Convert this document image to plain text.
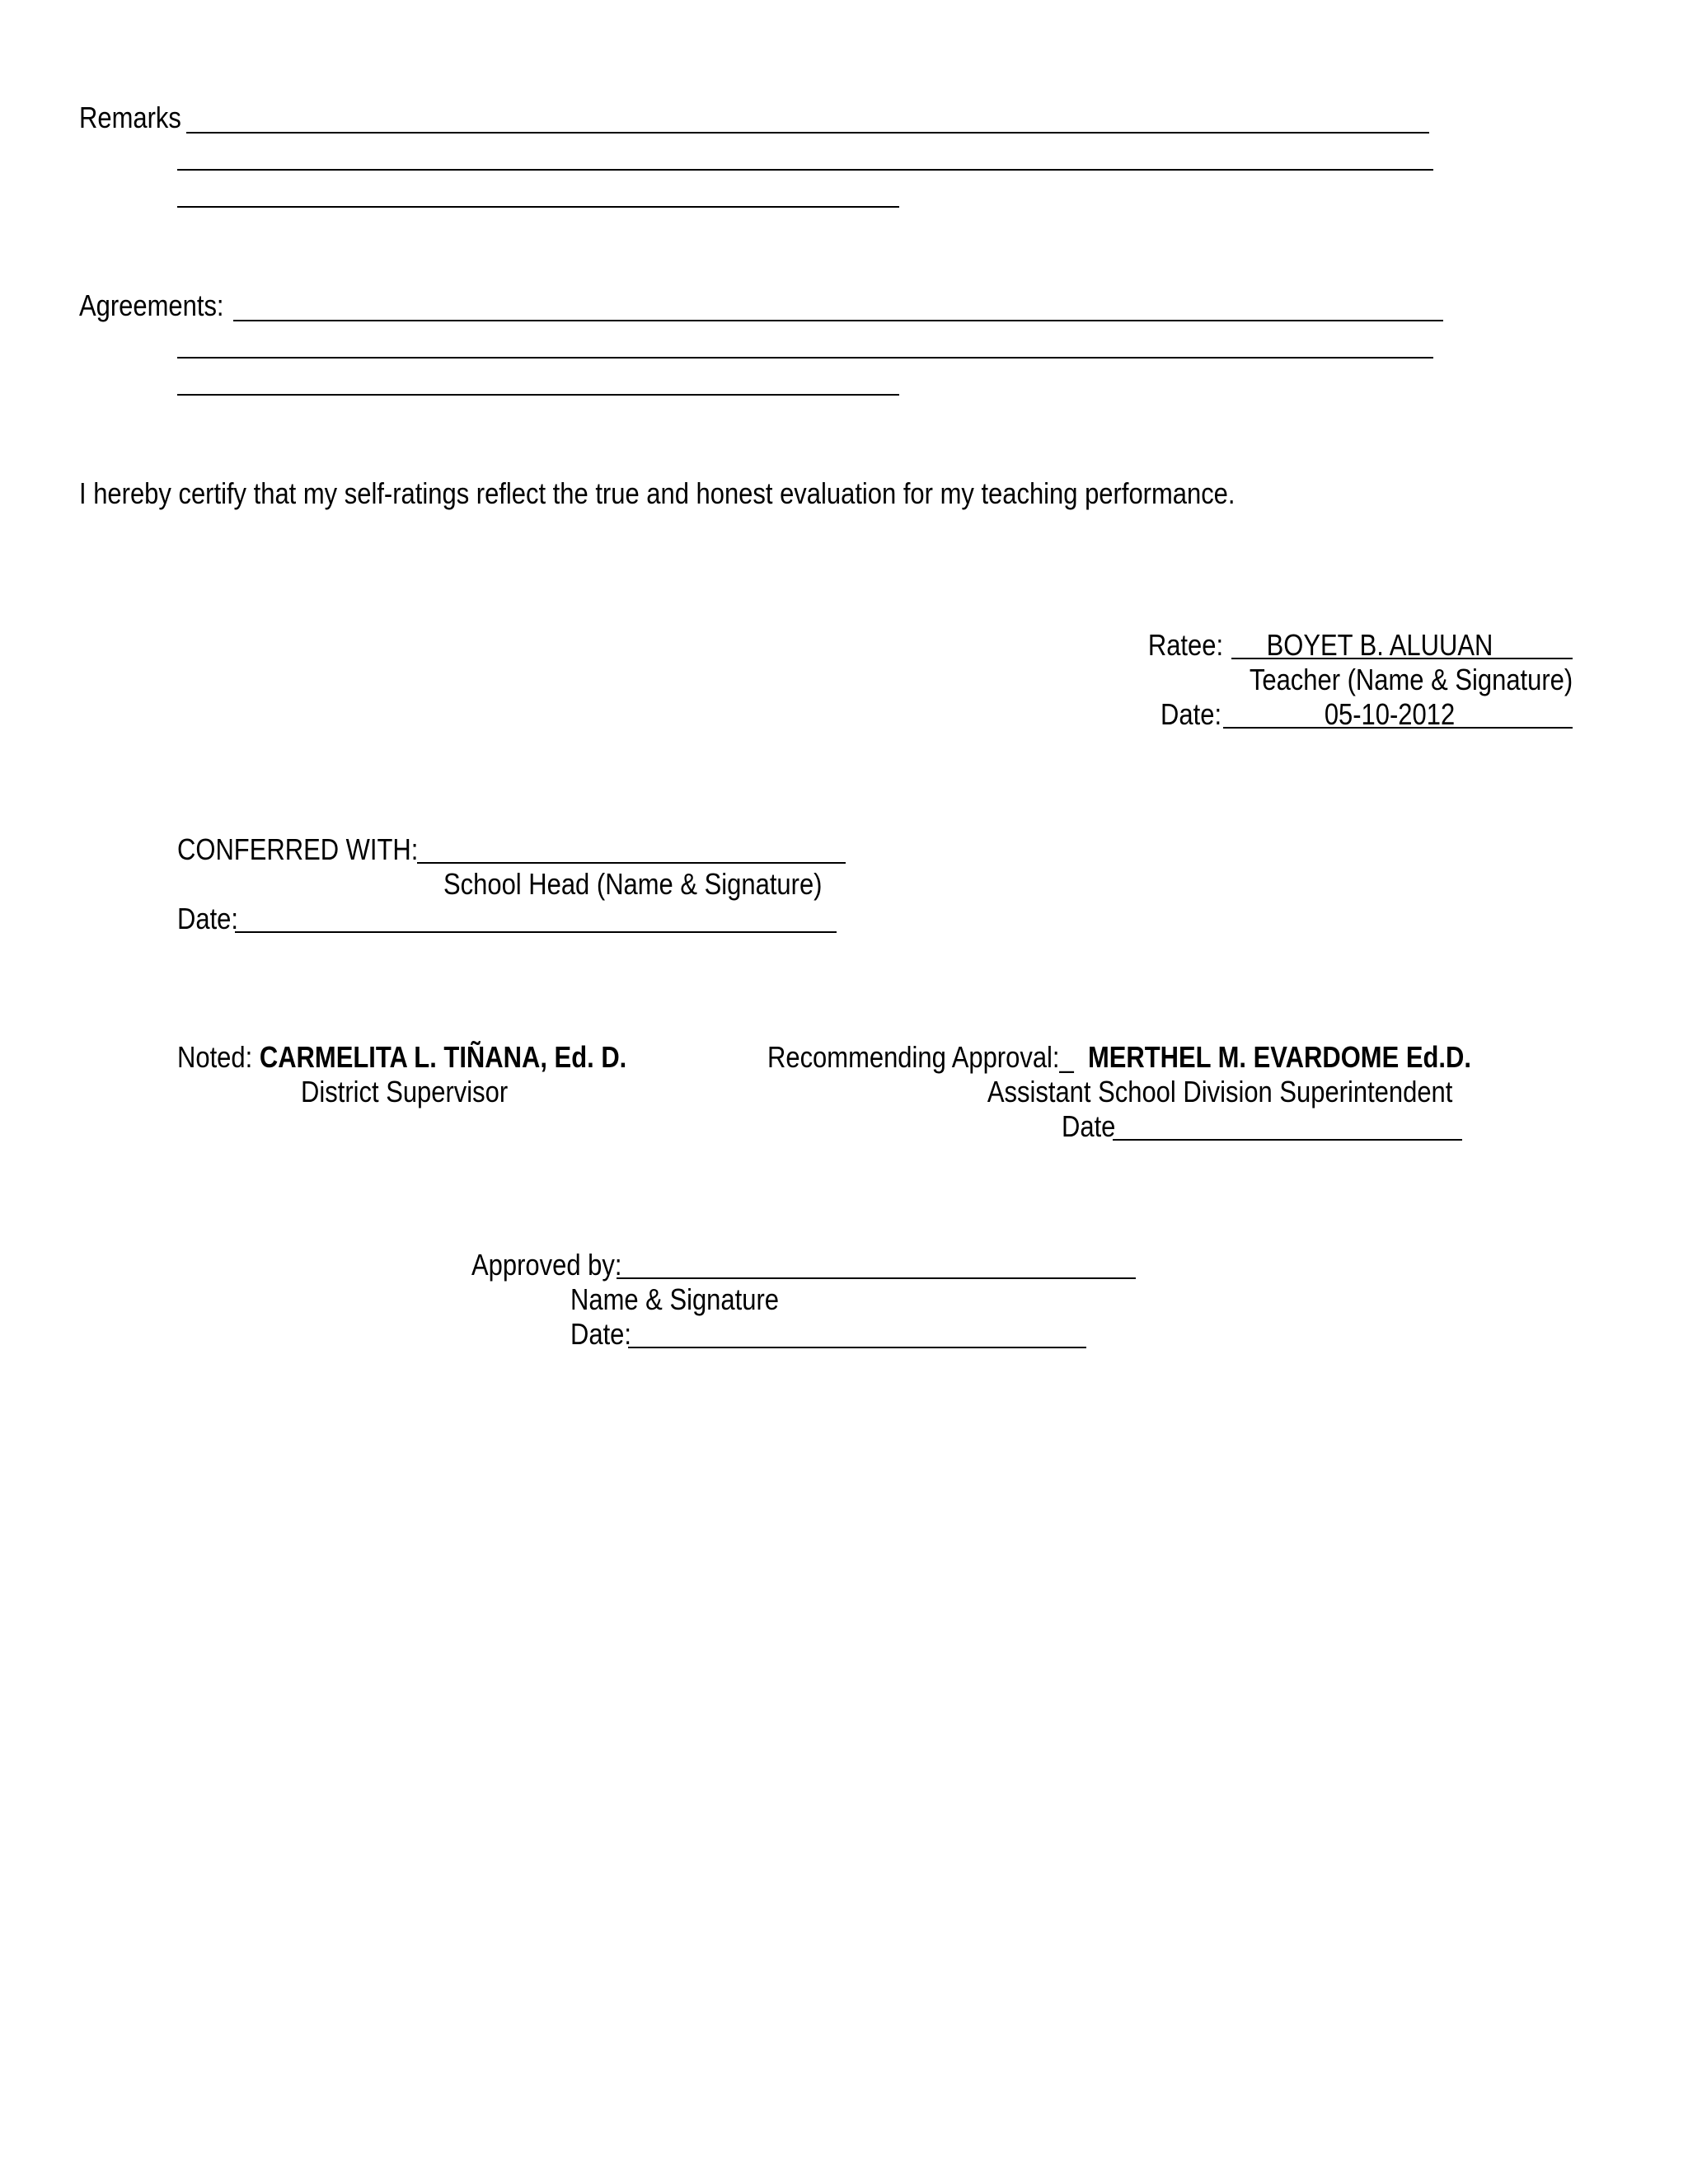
Remarks
Agreements:
I hereby certify that my self-ratings reflect the true and honest evaluation for my teaching performance.
Ratee:	BOYET B. ALUUAN
Teacher (Name & Signature)
Date:	05-10-2012
CONFERRED WITH:
School Head (Name & Signature)
Date:
Noted: CARMELITA L. TIÑANA, Ed. D.
District Supervisor
Recommending Approval:_ MERTHEL M. EVARDOME Ed.D.
Assistant School Division Superintendent
Date
Approved by:
Name & Signature
Date:
